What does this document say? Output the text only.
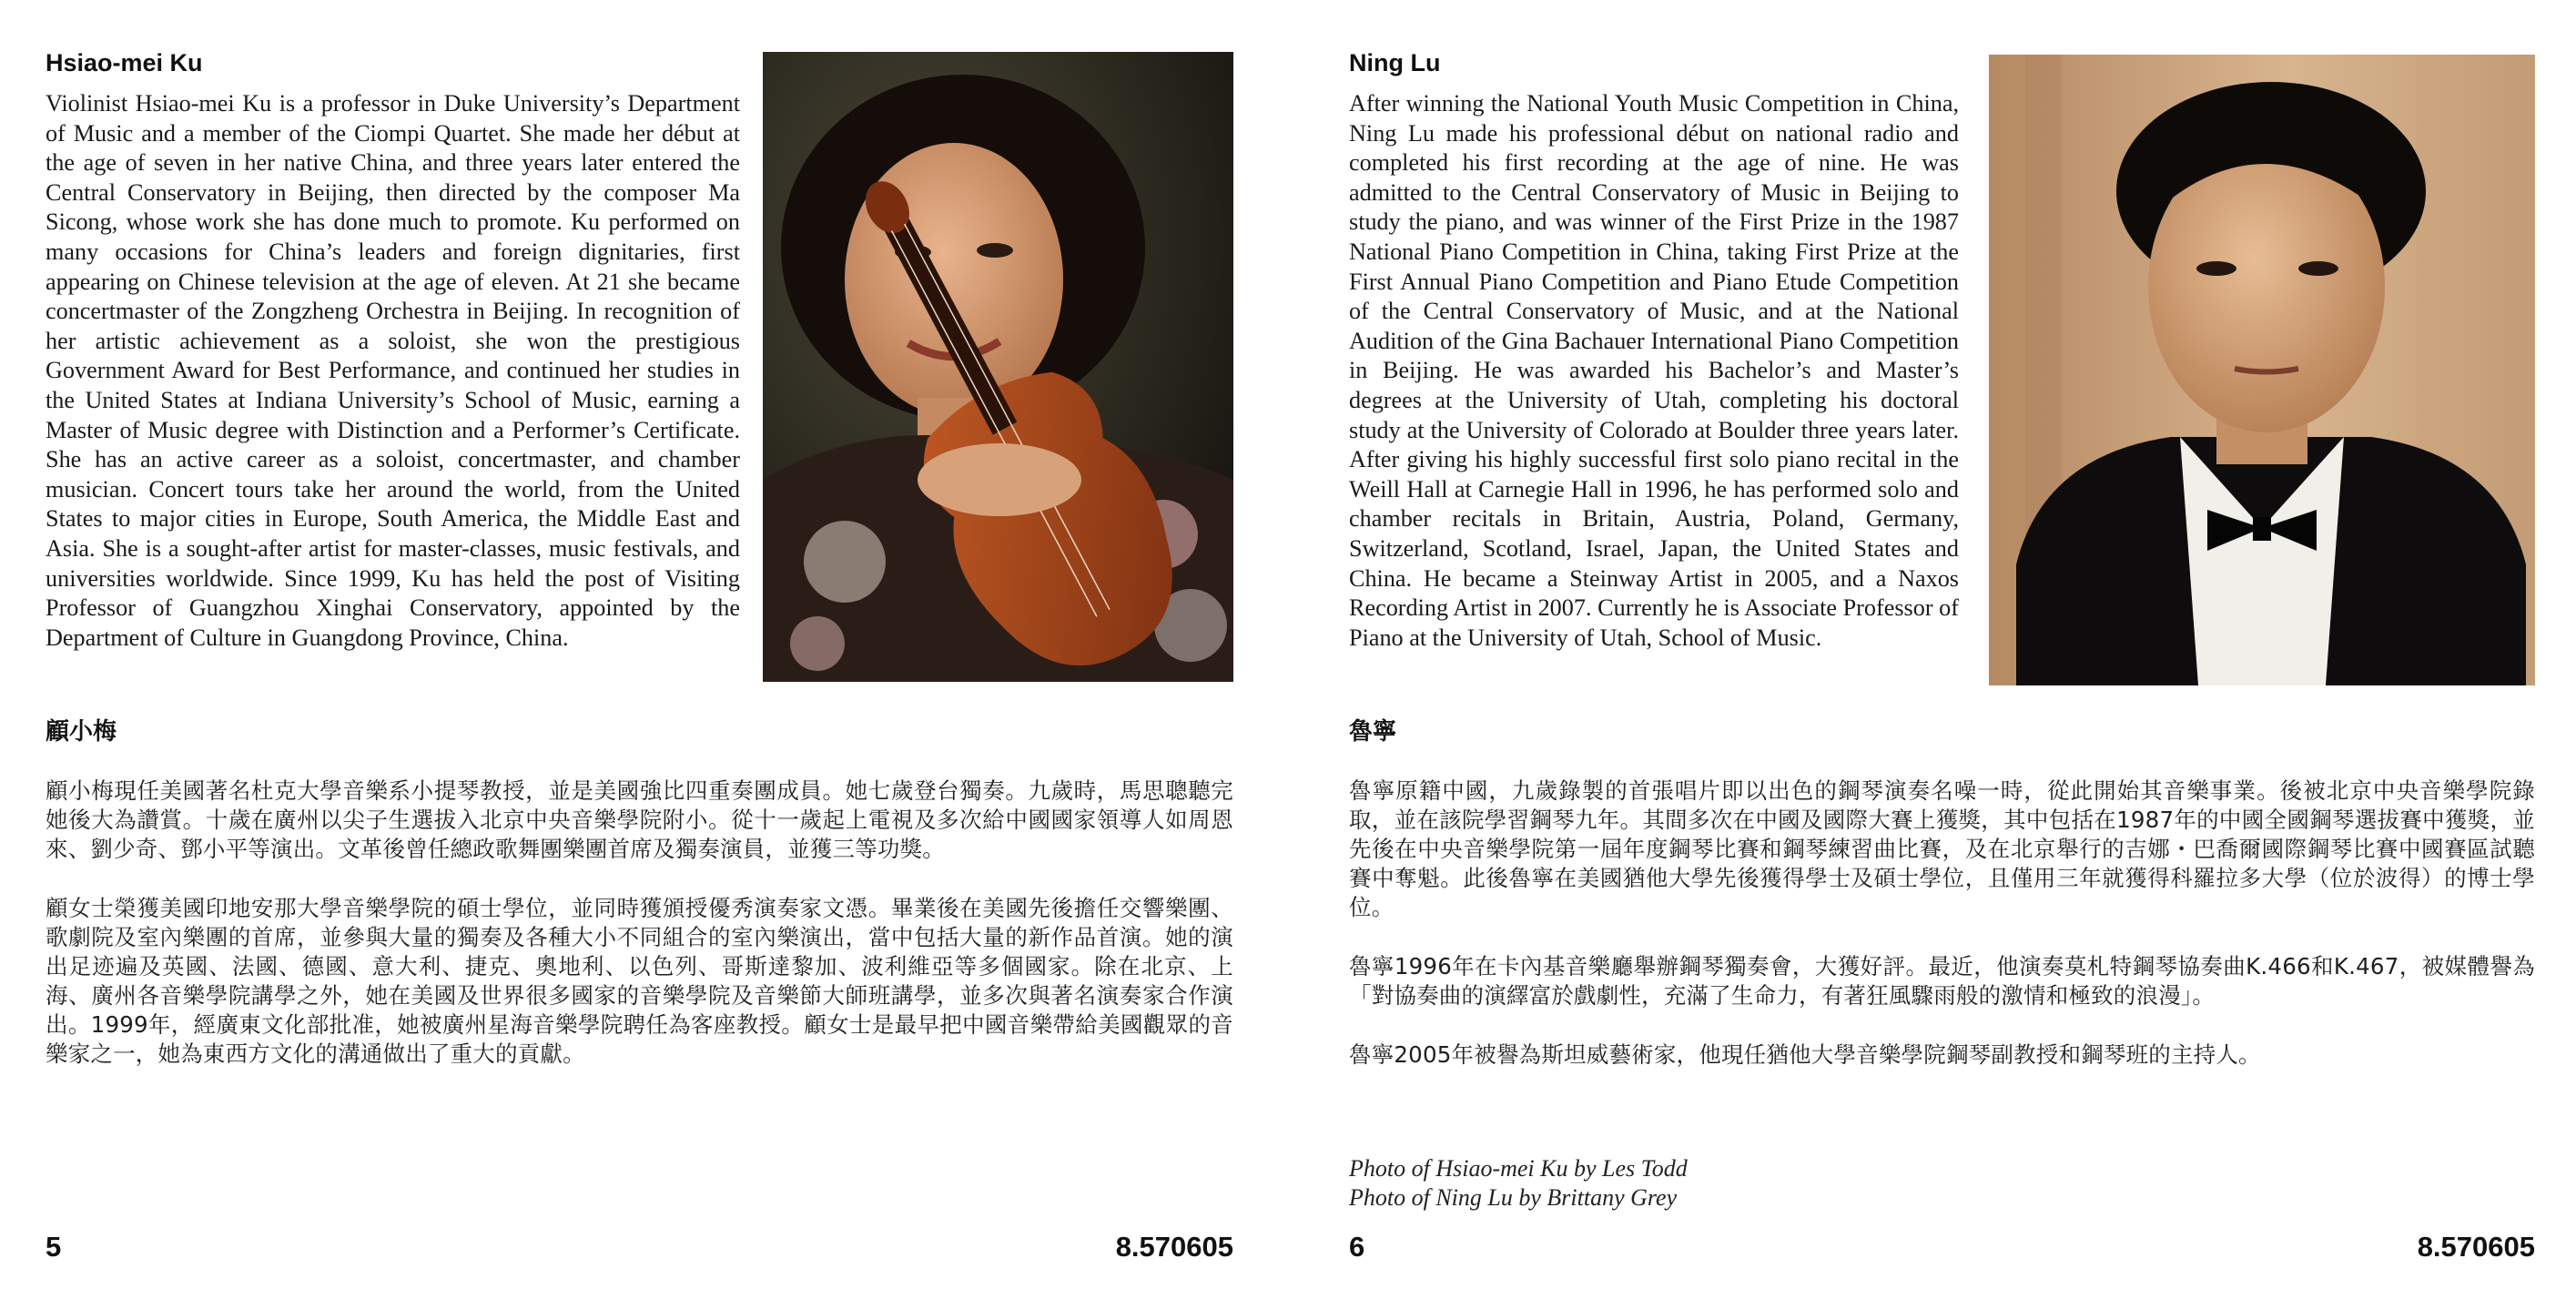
Hsiao-mei Ku

Violinist Hsiao-mei Ku is a professor in Duke University’s Department of Music and a member of the Ciompi Quartet. She made her début at the age of seven in her native China, and three years later entered the Central Conservatory in Beijing, then directed by the composer Ma Sicong, whose work she has done much to promote. Ku performed on many occasions for China’s leaders and foreign dignitaries, first appearing on Chinese television at the age of eleven. At 21 she became concertmaster of the Zongzheng Orchestra in Beijing. In recognition of her artistic achievement as a soloist, she won the prestigious Government Award for Best Performance, and continued her studies in the United States at Indiana University’s School of Music, earning a Master of Music degree with Distinction and a Performer’s Certificate. She has an active career as a soloist, concertmaster, and chamber musician. Concert tours take her around the world, from the United States to major cities in Europe, South America, the Middle East and Asia. She is a sought-after artist for master-classes, music festivals, and universities worldwide. Since 1999, Ku has held the post of Visiting Professor of Guangzhou Xinghai Conservatory, appointed by the Department of Culture in Guangdong Province, China.

顧小梅

顧小梅現任美國著名杜克大學音樂系小提琴教授，並是美國強比四重奏團成員。她七歲登台獨奏。九歲時，馬思聰聽完她後大為讚賞。十歲在廣州以尖子生選拔入北京中央音樂學院附小。從十一歲起上電視及多次給中國國家領導人如周恩來、劉少奇、鄧小平等演出。文革後曾任總政歌舞團樂團首席及獨奏演員，並獲三等功獎。

顧女士榮獲美國印地安那大學音樂學院的碩士學位，並同時獲頒授優秀演奏家文憑。畢業後在美國先後擔任交響樂團、歌劇院及室內樂團的首席，並參與大量的獨奏及各種大小不同組合的室內樂演出，當中包括大量的新作品首演。她的演出足迹遍及英國、法國、德國、意大利、捷克、奧地利、以色列、哥斯達黎加、波利維亞等多個國家。除在北京、上海、廣州各音樂學院講學之外，她在美國及世界很多國家的音樂學院及音樂節大師班講學，並多次與著名演奏家合作演出。1999年，經廣東文化部批准，她被廣州星海音樂學院聘任為客座教授。顧女士是最早把中國音樂帶給美國觀眾的音樂家之一，她為東西方文化的溝通做出了重大的貢獻。

5	8.570605
Ning Lu

After winning the National Youth Music Competition in China, Ning Lu made his professional début on national radio and completed his first recording at the age of nine. He was admitted to the Central Conservatory of Music in Beijing to study the piano, and was winner of the First Prize in the 1987 National Piano Competition in China, taking First Prize at the First Annual Piano Competition and Piano Etude Competition of the Central Conservatory of Music, and at the National Audition of the Gina Bachauer International Piano Competition in Beijing. He was awarded his Bachelor’s and Master’s degrees at the University of Utah, completing his doctoral study at the University of Colorado at Boulder three years later. After giving his highly successful first solo piano recital in the Weill Hall at Carnegie Hall in 1996, he has performed solo and chamber recitals in Britain, Austria, Poland, Germany, Switzerland, Scotland, Israel, Japan, the United States and China. He became a Steinway Artist in 2005, and a Naxos Recording Artist in 2007. Currently he is Associate Professor of Piano at the University of Utah, School of Music.

魯寧

魯寧原籍中國，九歲錄製的首張唱片即以出色的鋼琴演奏名噪一時，從此開始其音樂事業。後被北京中央音樂學院錄取，並在該院學習鋼琴九年。其間多次在中國及國際大賽上獲獎，其中包括在1987年的中國全國鋼琴選拔賽中獲獎，並先後在中央音樂學院第一屆年度鋼琴比賽和鋼琴練習曲比賽，及在北京舉行的吉娜・巴喬爾國際鋼琴比賽中國賽區試聽賽中奪魁。此後魯寧在美國猶他大學先後獲得學士及碩士學位，且僅用三年就獲得科羅拉多大學（位於波得）的博士學位。

魯寧1996年在卡內基音樂廳舉辦鋼琴獨奏會，大獲好評。最近，他演奏莫札特鋼琴協奏曲K.466和K.467，被媒體譽為「對協奏曲的演繹富於戲劇性，充滿了生命力，有著狂風驟雨般的激情和極致的浪漫」。

魯寧2005年被譽為斯坦威藝術家，他現任猶他大學音樂學院鋼琴副教授和鋼琴班的主持人。

Photo of Hsiao-mei Ku by Les Todd

Photo of Ning Lu by Brittany Grey

6	8.570605
